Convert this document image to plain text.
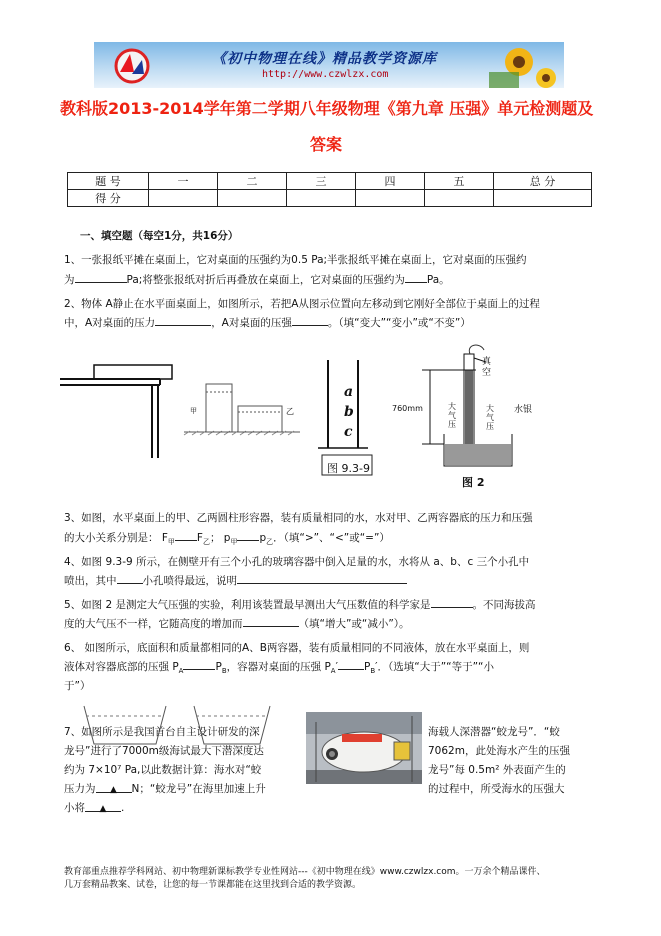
《初中物理在线》精品教学资源库
http://www.czwlzx.com
教科版2013-2014学年第二学期八年级物理《第九章 压强》单元检测题及
答案
题 号	一	二	三	四	五	总 分
得 分						
一、填空题（每空1分，共16分）
1、一张报纸平摊在桌面上，它对桌面的压强约为0.5 Pa;半张报纸平摊在桌面上，它对桌面的压强约
为	Pa;将整张报纸对折后再叠放在桌面上，它对桌面的压强约为 Pa。
2、物体 A静止在水平面桌面上，如图所示，若把A从图示位置向左移动到它刚好全部位于桌面上的过程
中，A对桌面的压力	，A对桌面的压强	。（填“变大”“变小”或“不变”）
甲	乙
a
b
c
图 9.3-9
真
空
760mm	大气压
大气压
水银
图 2
3、如图，水平桌面上的甲、乙两圆柱形容器，装有质量相同的水，水对甲、乙两容器底的压力和压强
的大小关系分别是： $F_甲$ $F_乙$； $p_甲$ $p_乙$．（填“>”、“<”或“=”）
4、如图 9.3-9 所示，在侧壁开有三个小孔的玻璃容器中倒入足量的水，水将从 a、b、c 三个小孔中
喷出，其中 小孔喷得最远，说明
5、如图 2 是测定大气压强的实验，利用该装置最早测出大气压数值的科学家是	。不同海拔高
度的大气压不一样，它随高度的增加而	（填“增大”或“减小”）。
6、 如图所示，底面积和质量都相同的A、B两容器，装有质量相同的不同液体，放在水平桌面上，则
液体对容器底部的压强 $P_A$	$P_B$，容器对桌面的压强 $P_A'$ $P_B'$．（选填“大于”“等于”“小
于”）
7、如图所示是我国首台自主设计研发的深
龙号”进行了7000m级海试最大下潜深度达
约为 7×10⁷ Pa,以此数据计算：海水对“蛟
压力为 ▲ N；“蛟龙号”在海里加速上升
小将 ▲ .
海载人深潜器“蛟龙号”．“蛟
7062m，此处海水产生的压强
龙号”每 0.5m² 外表面产生的
的过程中，所受海水的压强大
教育部重点推荐学科网站、初中物理新课标教学专业性网站---《初中物理在线》www.czwlzx.com。一万余个精品课件、
几万套精品教案、试卷，让您的每一节课都能在这里找到合适的教学资源。
